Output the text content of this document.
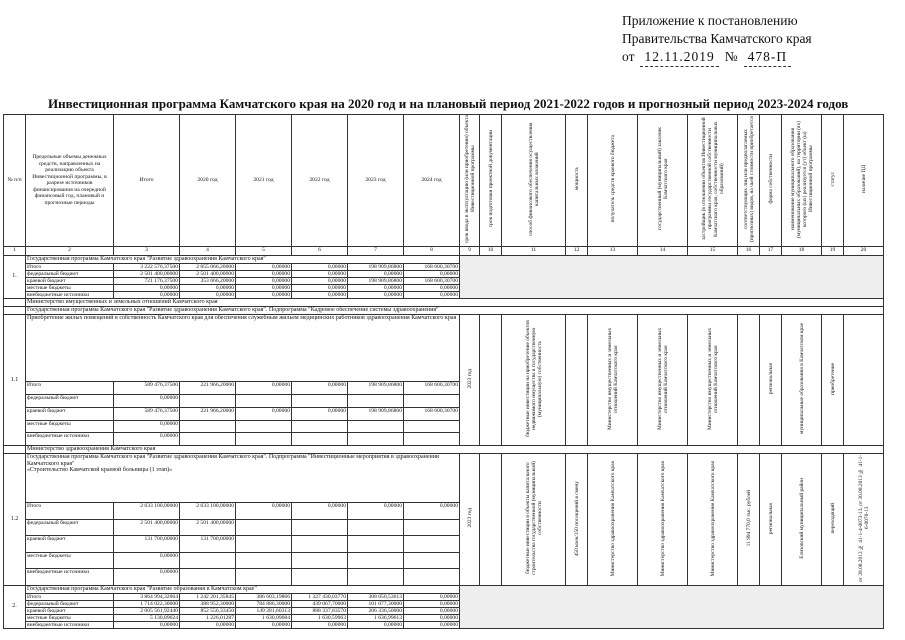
Приложение к постановлению
Правительства Камчатского края
от 12.11.2019 № 478-П
Инвестиционная программа Камчатского края на 2020 год и на плановый период 2021-2022 годов и прогнозный период 2023-2024 годов
№ п/п	Предельные объемы денежных средств, направленных на реализацию объекта Инвестиционной программы, в разрезе источников финансирования на очередной финансовый год, плановый и прогнозные периоды	Итого	2020 год	2021 год	2022 год	2023 год	2024 год	срок ввода в эксплуатацию (или приобретения) объекта Инвестиционной программы	срок подготовки проектной документации	способ финансового обеспечения осуществления капитальных вложений	мощность	получатель средств краевого бюджета	государственный (муниципальный) заказчик Камчатского края	застройщик (в отношении объектов Инвестиционной программы государственной собственности Камчатского края, собственности муниципальных образований)	соответствующих лиц или предполагаемых (прогнозных) видов, на чьей стоимости приобретается	форма собственности	наименование муниципального образования (муниципальных образований), на территории (ях) которого (ых) реализуется (ут) объект (ы) Инвестиционной программы	статус	наличие ПД
1	2	3	4	5	6	7	8	9	10	11	12	13	14	15	16	17	18	19	20
1.	Государственная программа Камчатского края "Развитие здравоохранения Камчатского края"																		
	Итого	3 222 576,37500	2 855 066,20000	0,00000	0,00000	198 909,86800	168 600,30700												
	федеральный бюджет	2 501 400,00000	2 501 400,00000	0,00000	0,00000	0,00000	0,00000												
	краевой бюджет	721 176,37500	353 666,20000	0,00000	0,00000	198 909,86800	168 600,30700												
	местные бюджеты	0,00000	0,00000	0,00000	0,00000	0,00000	0,00000												
	внебюджетные источники	0,00000	0,00000	0,00000	0,00000	0,00000	0,00000												
	Министерство имущественных и земельных отношений Камчатского края																		
	Государственная программа Камчатского края "Развитие здравоохранения Камчатского края". Подпрограмма "Кадровое обеспечение системы здравоохранения"																		
1.1	Приобретение жилых помещений в собственность Камчатского края для обеспечения служебным жильем медицинских работников здравоохранения Камчатского края							2023 год		бюджетные инвестиции на приобретение объектов недвижимого имущества в государственную (муниципальную) собственность		Министерство имущественных и земельных отношений Камчатского края	Министерство имущественных и земельных отношений Камчатского края	Министерство имущественных и земельных отношений Камчатского края		региональная	муниципальные образования в Камчатском крае	приобретение	
	Итого	589 476,37500	221 966,20000	0,00000	0,00000	198 909,86800	168 600,30700												
	федеральный бюджет	0,00000																	
	краевой бюджет	589 476,37500	221 966,20000	0,00000	0,00000	198 909,86800	168 600,30700												
	местные бюджеты	0,00000																	
	внебюджетные источники	0,00000																	
	Министерство здравоохранения Камчатского края																		
1.2	Государственная программа Камчатского края "Развитие здравоохранения Камчатского края". Подпрограмма "Инвестиционные мероприятия в здравоохранении Камчатского края"
«Строительство Камчатской краевой больницы (1 этап)»							2023 год		бюджетные инвестиции в объекты капитального строительства государственной (муниципальной) собственности	450 коек/150 посещений в смену	Министерство здравоохранения Камчатского края	Министерство здравоохранения Камчатского края	Министерство здравоохранения Камчатского края	11 994 770,0 тыс. рублей	региональная	Елизовский муниципальный район	переходящий	от 28.08.2013 № 41-1-4-0073-13, от 30.08.2013 № 41-1-6-0076-13
	Итого	2 633 100,00000	2 633 100,00000	0,00000	0,00000	0,00000	0,00000												
	федеральный бюджет	2 501 400,00000	2 501 400,00000																
	краевой бюджет	131 700,00000	131 700,00000																
	местные бюджеты	0,00000																	
	внебюджетные источники	0,00000																	
2.	Государственная программа Камчатского края "Развитие образования в Камчатском крае"																		
	Итого	3 864 994,32064	1 242 201,35845	386 603,19866	1 327 430,03770	308 050,53613	0,00000												
	федеральный бюджет	1 714 022,30000	388 952,30000	784 886,30000	439 067,70000	101 077,30000	0,00000												
	краевой бюджет	2 005 561,92440	852 556,33450	149 281,60313	888 337,83570	206 336,50000	0,00000												
	местные бюджеты	5 130,89624	1 226,01287	1 630,09684	1 630,59963	1 636,99613	0,00000												
	внебюджетные источники	0,00000	0,00000	0,00000	0,00000	0,00000	0,00000												
